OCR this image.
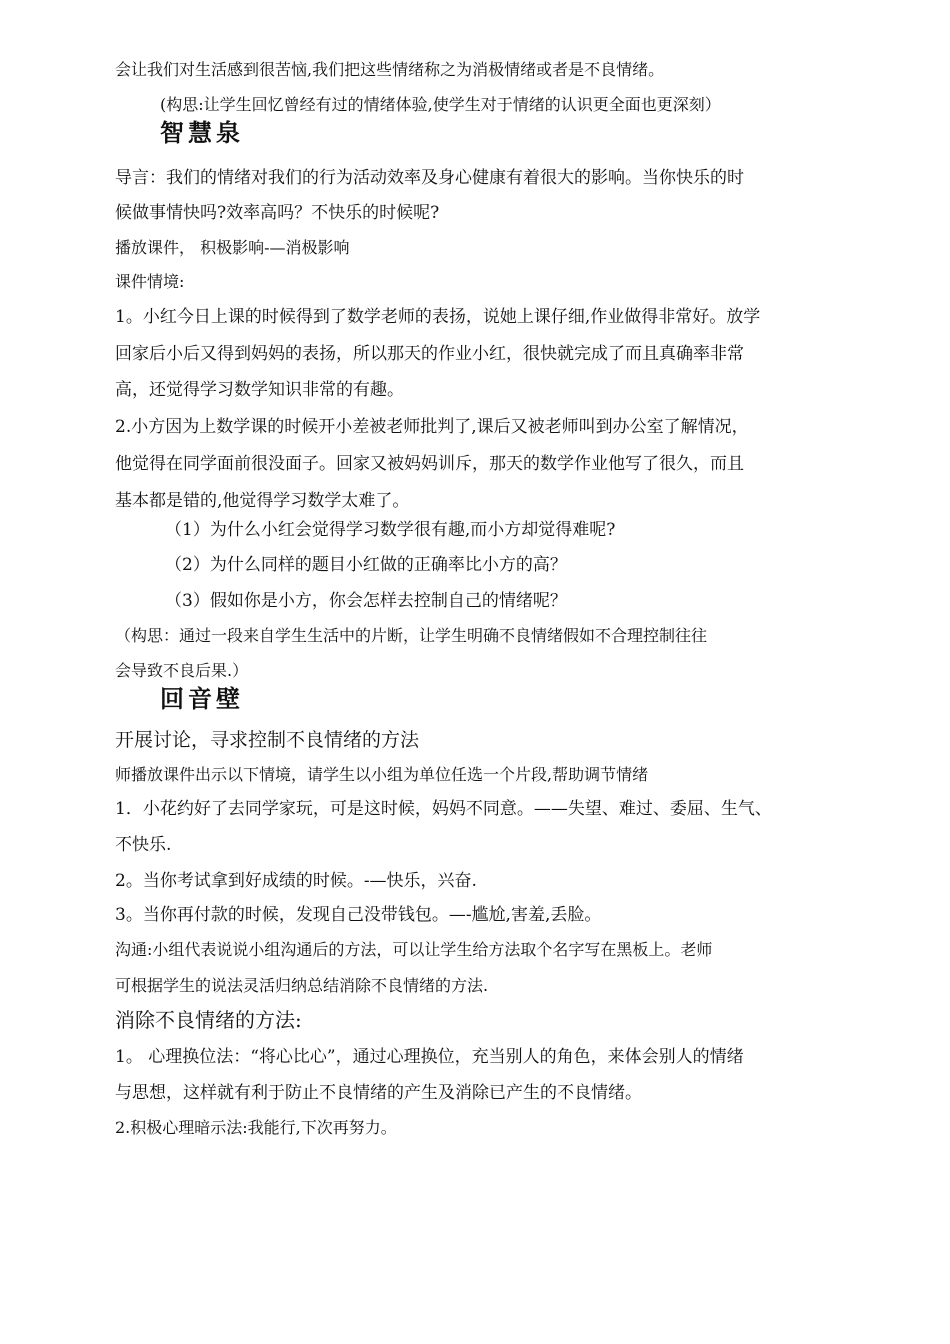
会让我们对生活感到很苦恼,我们把这些情绪称之为消极情绪或者是不良情绪。
(构思:让学生回忆曾经有过的情绪体验,使学生对于情绪的认识更全面也更深刻）
智慧泉
导言：我们的情绪对我们的行为活动效率及身心健康有着很大的影响。当你快乐的时
候做事情快吗?效率高吗？不快乐的时候呢?
播放课件， 积极影响-—消极影响
课件情境:
1。小红今日上课的时候得到了数学老师的表扬，说她上课仔细,作业做得非常好。放学
回家后小后又得到妈妈的表扬，所以那天的作业小红，很快就完成了而且真确率非常
高，还觉得学习数学知识非常的有趣。
2.小方因为上数学课的时候开小差被老师批判了,课后又被老师叫到办公室了解情况，
他觉得在同学面前很没面子。回家又被妈妈训斥，那天的数学作业他写了很久，而且
基本都是错的,他觉得学习数学太难了。
（1）为什么小红会觉得学习数学很有趣,而小方却觉得难呢?
（2）为什么同样的题目小红做的正确率比小方的高？
（3）假如你是小方，你会怎样去控制自己的情绪呢？
（构思：通过一段来自学生生活中的片断，让学生明确不良情绪假如不合理控制往往
会导致不良后果.）
回音壁
开展讨论，寻求控制不良情绪的方法
师播放课件出示以下情境，请学生以小组为单位任选一个片段,帮助调节情绪
1．小花约好了去同学家玩，可是这时候，妈妈不同意。——失望、难过、委屈、生气、
不快乐.
2。当你考试拿到好成绩的时候。-—快乐，兴奋.
3。当你再付款的时候，发现自己没带钱包。—-尴尬,害羞,丢脸。
沟通:小组代表说说小组沟通后的方法，可以让学生给方法取个名字写在黑板上。老师
可根据学生的说法灵活归纳总结消除不良情绪的方法.
消除不良情绪的方法:
1。 心理换位法：“将心比心”，通过心理换位，充当别人的角色，来体会别人的情绪
与思想，这样就有利于防止不良情绪的产生及消除已产生的不良情绪。
2.积极心理暗示法:我能行,下次再努力。
